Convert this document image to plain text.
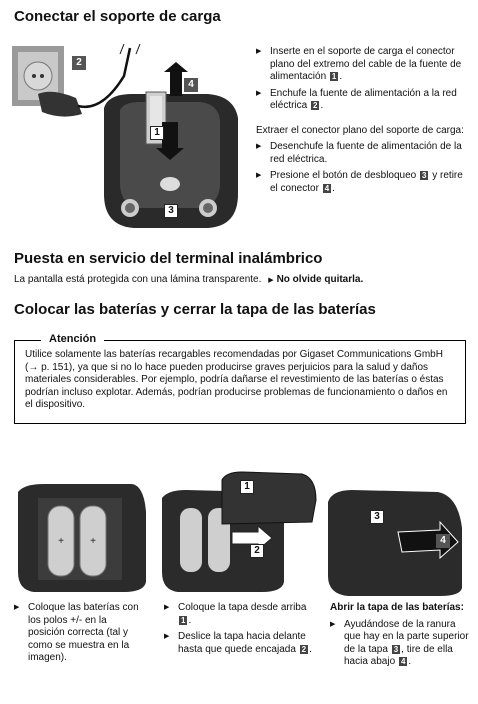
Conectar el soporte de carga
2
4
1
3
▶ Inserte en el soporte de carga el conector plano del extremo del cable de la fuente de alimentación 1 .
▶ Enchufe la fuente de alimentación a la red eléctrica 2 .
Extraer el conector plano del soporte de carga:
▶ Desenchufe la fuente de alimentación de la red eléctrica.
▶ Presione el botón de desbloqueo 3 y retire el conector 4 .
Puesta en servicio del terminal inalámbrico
La pantalla está protegida con una lámina transparente. ▶ No olvide quitarla.
Colocar las baterías y cerrar la tapa de las baterías
Atención
Utilice solamente las baterías recargables recomendadas por Gigaset Communications GmbH (→ p. 151), ya que si no lo hace pueden producirse graves perjuicios para la salud y daños materiales considerables. Por ejemplo, podría dañarse el revestimiento de las baterías o éstas podrían incluso explotar. Además, podrían producirse problemas de funcionamiento o daños en el dispositivo.
+	+
1
2
3
4
▶ Coloque las baterías con los polos +/- en la posición correcta (tal y como se muestra en la imagen).
▶ Coloque la tapa desde arriba 1 .
▶ Deslice la tapa hacia delante hasta que quede encajada 2 .
Abrir la tapa de las baterías:
▶ Ayudándose de la ranura que hay en la parte superior de la tapa 3 , tire de ella hacia abajo 4 .
